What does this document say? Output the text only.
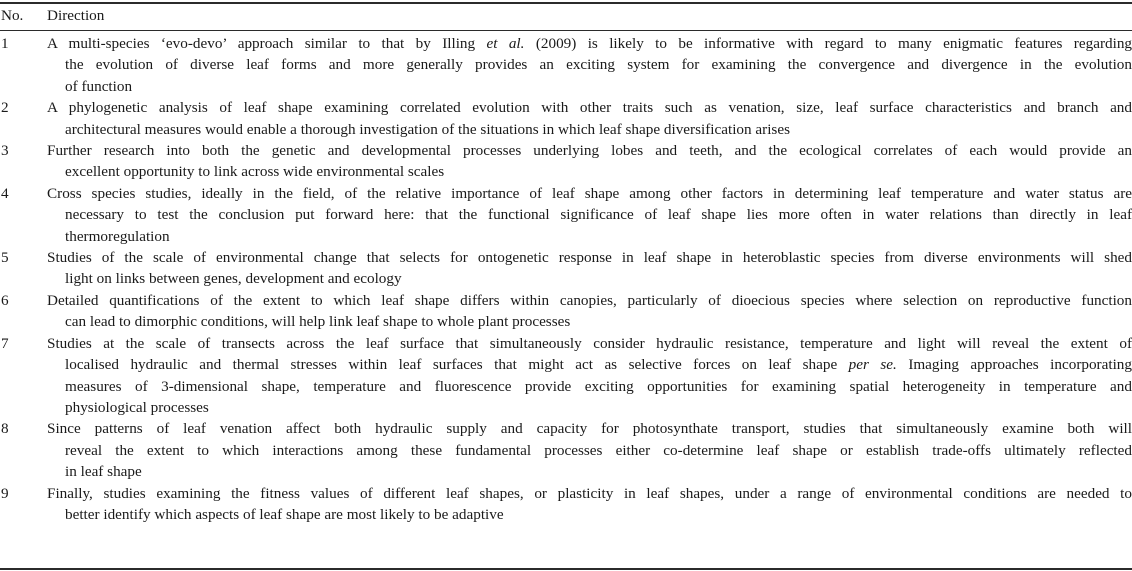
No. Direction
1	A multi-species ‘evo-devo’ approach similar to that by Illing et al. (2009) is likely to be informative with regard to many enigmatic features regarding
the evolution of diverse leaf forms and more generally provides an exciting system for examining the convergence and divergence in the evolution
of function
2	A phylogenetic analysis of leaf shape examining correlated evolution with other traits such as venation, size, leaf surface characteristics and branch and
architectural measures would enable a thorough investigation of the situations in which leaf shape diversification arises
3	Further research into both the genetic and developmental processes underlying lobes and teeth, and the ecological correlates of each would provide an
excellent opportunity to link across wide environmental scales
4	Cross species studies, ideally in the field, of the relative importance of leaf shape among other factors in determining leaf temperature and water status are
necessary to test the conclusion put forward here: that the functional significance of leaf shape lies more often in water relations than directly in leaf
thermoregulation
5	Studies of the scale of environmental change that selects for ontogenetic response in leaf shape in heteroblastic species from diverse environments will shed
light on links between genes, development and ecology
6	Detailed quantifications of the extent to which leaf shape differs within canopies, particularly of dioecious species where selection on reproductive function
can lead to dimorphic conditions, will help link leaf shape to whole plant processes
7	Studies at the scale of transects across the leaf surface that simultaneously consider hydraulic resistance, temperature and light will reveal the extent of
localised hydraulic and thermal stresses within leaf surfaces that might act as selective forces on leaf shape per se. Imaging approaches incorporating
measures of 3-dimensional shape, temperature and fluorescence provide exciting opportunities for examining spatial heterogeneity in temperature and
physiological processes
8	Since patterns of leaf venation affect both hydraulic supply and capacity for photosynthate transport, studies that simultaneously examine both will
reveal the extent to which interactions among these fundamental processes either co-determine leaf shape or establish trade-offs ultimately reflected
in leaf shape
9	Finally, studies examining the fitness values of different leaf shapes, or plasticity in leaf shapes, under a range of environmental conditions are needed to
better identify which aspects of leaf shape are most likely to be adaptive
